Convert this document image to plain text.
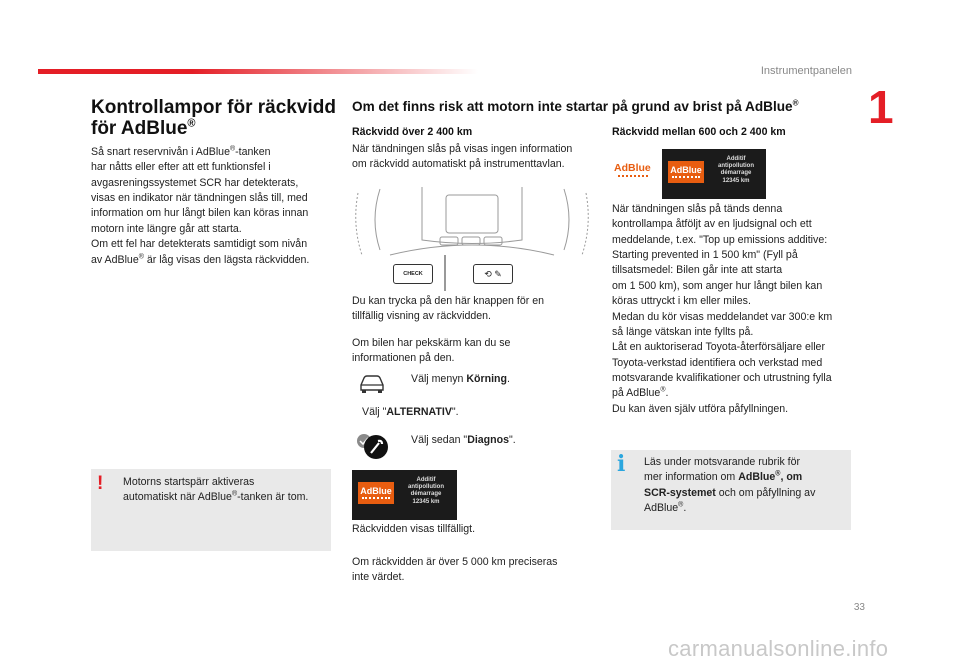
Instrumentpanelen
1
Kontrollampor för räckvidd
för AdBlue®
Så snart reservnivån i AdBlue®-tanken
har nåtts eller efter att ett funktionsfel i
avgasreningssystemet SCR har detekterats,
visas en indikator när tändningen slås till, med
information om hur långt bilen kan köras innan
motorn inte längre går att starta.
Om ett fel har detekterats samtidigt som nivån
av AdBlue® är låg visas den lägsta räckvidden.
! Motorns startspärr aktiveras
automatiskt när AdBlue®-tanken är tom.
Om det finns risk att motorn inte startar på grund av brist på AdBlue®
Räckvidd över 2 400 km
När tändningen slås på visas ingen information
om räckvidd automatiskt på instrumenttavlan.
CHECK	⟲ ✎
Du kan trycka på den här knappen för en
tillfällig visning av räckvidden.
Om bilen har pekskärm kan du se
informationen på den.
Välj menyn Körning.
Välj "ALTERNATIV".
Välj sedan "Diagnos".
AdBlue
Additif
antipollution
démarrage
12345 km
Räckvidden visas tillfälligt.
Om räckvidden är över 5 000 km preciseras
inte värdet.
Räckvidd mellan 600 och 2 400 km
AdBlue AdBlue
Additif
antipollution
démarrage
12345 km
När tändningen slås på tänds denna
kontrollampa åtföljt av en ljudsignal och ett
meddelande, t.ex. "Top up emissions additive:
Starting prevented in 1 500 km" (Fyll på
tillsatsmedel: Bilen går inte att starta
om 1 500 km), som anger hur långt bilen kan
köras uttryckt i km eller miles.
Medan du kör visas meddelandet var 300:e km
så länge vätskan inte fyllts på.
Låt en auktoriserad Toyota-återförsäljare eller
Toyota-verkstad identifiera och verkstad med
motsvarande kvalifikationer och utrustning fylla
på AdBlue®.
Du kan även själv utföra påfyllningen.
i Läs under motsvarande rubrik för
mer information om AdBlue®, om
SCR-systemet och om påfyllning av
AdBlue®.
33
carmanualsonline.info
